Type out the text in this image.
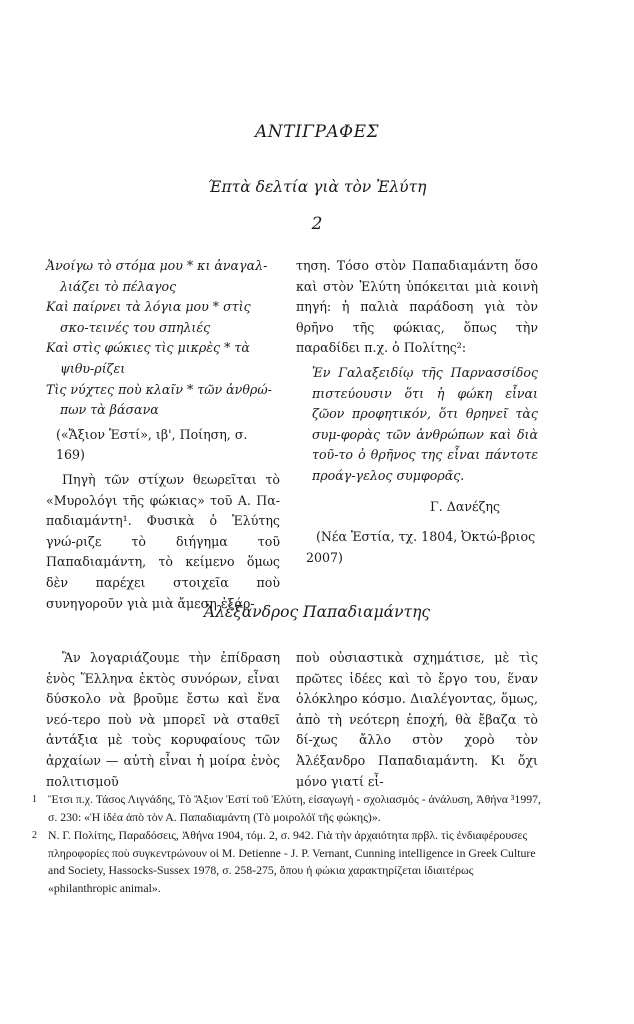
ΑΝΤΙΓΡΑΦΕΣ
Έπτὰ δελτία γιὰ τὸν Ἐλύτη
2

Ἀνοίγω τὸ στόμα μου * κι ἀναγαλ-λιάζει τὸ πέλαγος

Καὶ παίρνει τὰ λόγια μου * στὶς σκο-τεινές του σπηλιές

Καὶ στὶς φώκιες τὶς μικρὲς * τὰ ψιθυ-ρίζει

Τὶς νύχτες ποὺ κλαῖν * τῶν ἀνθρώ-πων τὰ βάσανα

(«Ἄξιον Ἐστί», ιβ', Ποίηση, σ. 169)

Πηγὴ τῶν στίχων θεωρεῖται τὸ «Μυρολόγι τῆς φώκιας» τοῦ Α. Πα-παδιαμάντη¹. Φυσικὰ ὁ Ἐλύτης γνώ-ριζε τὸ διήγημα τοῦ Παπαδιαμάντη, τὸ κείμενο ὅμως δὲν παρέχει στοιχεῖα ποὺ συνηγοροῦν γιὰ μιὰ ἄμεση ἐξάρ-

τηση. Τόσο στὸν Παπαδιαμάντη ὅσο καὶ στὸν Ἐλύτη ὑπόκειται μιὰ κοινὴ πηγή: ἡ παλιὰ παράδοση γιὰ τὸν θρῆνο τῆς φώκιας, ὅπως τὴν παραδίδει π.χ. ὁ Πολίτης²:

Ἐν Γαλαξειδίῳ τῆς Παρνασσίδος πιστεύουσιν ὅτι ἡ φώκη εἶναι ζῶον προφητικόν, ὅτι θρηνεῖ τὰς συμ-φορὰς τῶν ἀνθρώπων καὶ διὰ τοῦ-το ὁ θρῆνος της εἶναι πάντοτε προάγ-γελος συμφορᾶς.

Γ. Δανέζης

(Νέα Ἑστία, τχ. 1804, Ὀκτώ-βριος 2007)

Ἀλέξανδρος Παπαδιαμάντης

Ἂν λογαριάζουμε τὴν ἐπίδραση ἑνὸς Ἕλληνα ἐκτὸς συνόρων, εἶναι δύσκολο νὰ βροῦμε ἔστω καὶ ἕνα νεό-τερο ποὺ νὰ μπορεῖ νὰ σταθεῖ ἀντάξια μὲ τοὺς κορυφαίους τῶν ἀρχαίων — αὐτὴ εἶναι ἡ μοίρα ἑνὸς πολιτισμοῦ

ποὺ οὐσιαστικὰ σχημάτισε, μὲ τὶς πρῶτες ἰδέες καὶ τὸ ἔργο του, ἕναν ὁλόκληρο κόσμο. Διαλέγοντας, ὅμως, ἀπὸ τὴ νεότερη ἐποχή, θὰ ἔβαζα τὸ δί-χως ἄλλο στὸν χορὸ τὸν Ἀλέξανδρο Παπαδιαμάντη. Κι ὄχι μόνο γιατί εἶ-

1 Ἔτσι π.χ. Τάσος Λιγνάδης, Τὸ Ἄξιον Ἐστί τοῦ Ἐλύτη, εἰσαγωγή - σχολιασμός - ἀνάλυση, Ἀθήνα ³1997, σ. 230: «Ἡ ἰδέα ἀπὸ τὸν Α. Παπαδιαμάντη (Τὸ μοιρολόϊ τῆς φώκης)».
2 Ν. Γ. Πολίτης, Παραδόσεις, Ἀθήνα 1904, τόμ. 2, σ. 942. Γιὰ τὴν ἀρχαιότητα πρβλ. τὶς ἐνδιαφέρουσες πληροφορίες ποὺ συγκεντρώνουν οἱ M. Detienne - J. P. Vernant, Cunning intelligence in Greek Culture and Society, Hassocks-Sussex 1978, σ. 258-275, ὅπου ἡ φώκια χαρακτηρίζεται ἰδιαιτέρως «philanthropic animal».
